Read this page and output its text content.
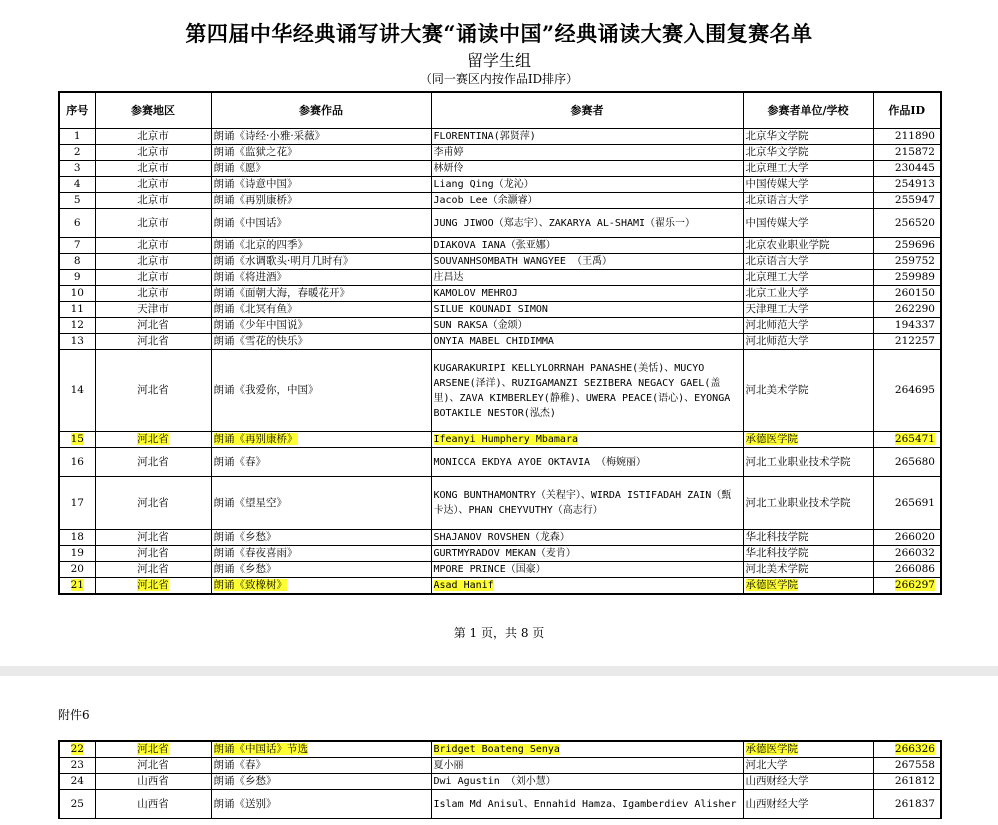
第四届中华经典诵写讲大赛“诵读中国”经典诵读大赛入围复赛名单
留学生组
（同一赛区内按作品ID排序）
序号	参赛地区	参赛作品	参赛者	参赛者单位/学校	作品ID
1	北京市	朗诵《诗经·小雅·采薇》	FLORENTINA(郭贤萍)	北京华文学院	211890
2	北京市	朗诵《监狱之花》	李甫婷	北京华文学院	215872
3	北京市	朗诵《愿》	林妍伶	北京理工大学	230445
4	北京市	朗诵《诗意中国》	Liang Qing（龙沁）	中国传媒大学	254913
5	北京市	朗诵《再别康桥》	Jacob Lee（余灏睿）	北京语言大学	255947
6	北京市	朗诵《中国话》	JUNG JIWOO（郑志宇）、ZAKARYA AL-SHAMI（翟乐一）	中国传媒大学	256520
7	北京市	朗诵《北京的四季》	DIAKOVA IANA（张亚娜）	北京农业职业学院	259696
8	北京市	朗诵《水调歌头·明月几时有》	SOUVANHSOMBATH WANGYEE （王禹）	北京语言大学	259752
9	北京市	朗诵《将进酒》	庄昌达	北京理工大学	259989
10	北京市	朗诵《面朝大海，春暖花开》	KAMOLOV MEHROJ	北京工业大学	260150
11	天津市	朗诵《北冥有鱼》	SILUE KOUNADI SIMON	天津理工大学	262290
12	河北省	朗诵《少年中国说》	SUN RAKSA（金颂）	河北师范大学	194337
13	河北省	朗诵《雪花的快乐》	ONYIA MABEL CHIDIMMA	河北师范大学	212257
14	河北省	朗诵《我爱你，中国》	KUGARAKURIPI KELLYLORRNAH PANASHE(美恬)、MUCYO ARSENE(泽洋)、RUZIGAMANZI SEZIBERA NEGACY GAEL(盖里)、ZAVA KIMBERLEY(静稚)、UWERA PEACE(语心)、EYONGA BOTAKILE NESTOR(泓杰)	河北美术学院	264695
15	河北省	朗诵《再别康桥》	Ifeanyi Humphery Mbamara	承德医学院	265471
16	河北省	朗诵《春》	MONICCA EKDYA AYOE OKTAVIA （梅婉丽）	河北工业职业技术学院	265680
17	河北省	朗诵《望星空》	KONG BUNTHAMONTRY（关程宇）、WIRDA ISTIFADAH ZAIN（甄卡达）、PHAN CHEYVUTHY（高志行）	河北工业职业技术学院	265691
18	河北省	朗诵《乡愁》	SHAJANOV ROVSHEN（龙森）	华北科技学院	266020
19	河北省	朗诵《春夜喜雨》	GURTMYRADOV MEKAN（麦肯）	华北科技学院	266032
20	河北省	朗诵《乡愁》	MPORE PRINCE（国豪）	河北美术学院	266086
21	河北省	朗诵《致橡树》	Asad Hanif	承德医学院	266297
第 1 页，共 8 页
附件6
22	河北省	朗诵《中国话》节选	Bridget Boateng Senya	承德医学院	266326
23	河北省	朗诵《春》	夏小丽	河北大学	267558
24	山西省	朗诵《乡愁》	Dwi Agustin （刘小慧）	山西财经大学	261812
25	山西省	朗诵《送别》	Islam Md Anisul、Ennahid Hamza、Igamberdiev Alisher	山西财经大学	261837
